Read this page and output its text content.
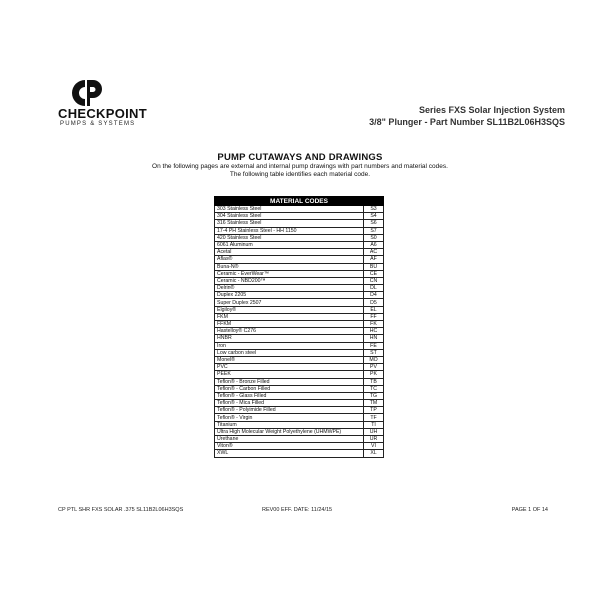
CHECKPOINT
PUMPS & SYSTEMS
Series FXS Solar Injection System
3/8" Plunger - Part Number SL11B2L06H3SQS
PUMP CUTAWAYS AND DRAWINGS
On the following pages are external and internal pump drawings with part numbers and material codes.
The following table identifies each material code.
MATERIAL CODES	
303 Stainless Steel	S3
304 Stainless Steel	S4
316 Stainless Steel	S6
17-4 PH Stainless Steel - HH 1150	S7
420 Stainless Steel	S0
6061 Aluminum	A6
Acetal	AC
Aflas®	AF
Buna-N®	BU
Ceramic - EverWear™	CE
Ceramic - NBD200™	CN
Delrin®	DL
Duplex 2205	D4
Super Duplex 2507	D5
Elgiloy®	EL
FKM	FF
FFKM	FK
Hastelloy® C276	HC
HNBR	HN
Iron	FE
Low carbon steel	ST
Monel®	MO
PVC	PV
PEEK	PK
Teflon® - Bronze Filled	TB
Teflon® - Carbon Filled	TC
Teflon® - Glass Filled	TG
Teflon® - Mica Filled	TM
Teflon® - Polyimide Filled	TP
Teflon® - Virgin	TF
Titanium	TI
Ultra High Molecular Weight Polyethylene (UHMWPE)	UH
Urethane	UR
Viton®	VI
XWL	XL
CP PTL SHR FXS SOLAR .375 SL11B2L06H3SQS	REV00 EFF. DATE: 11/24/15	PAGE 1 OF 14
